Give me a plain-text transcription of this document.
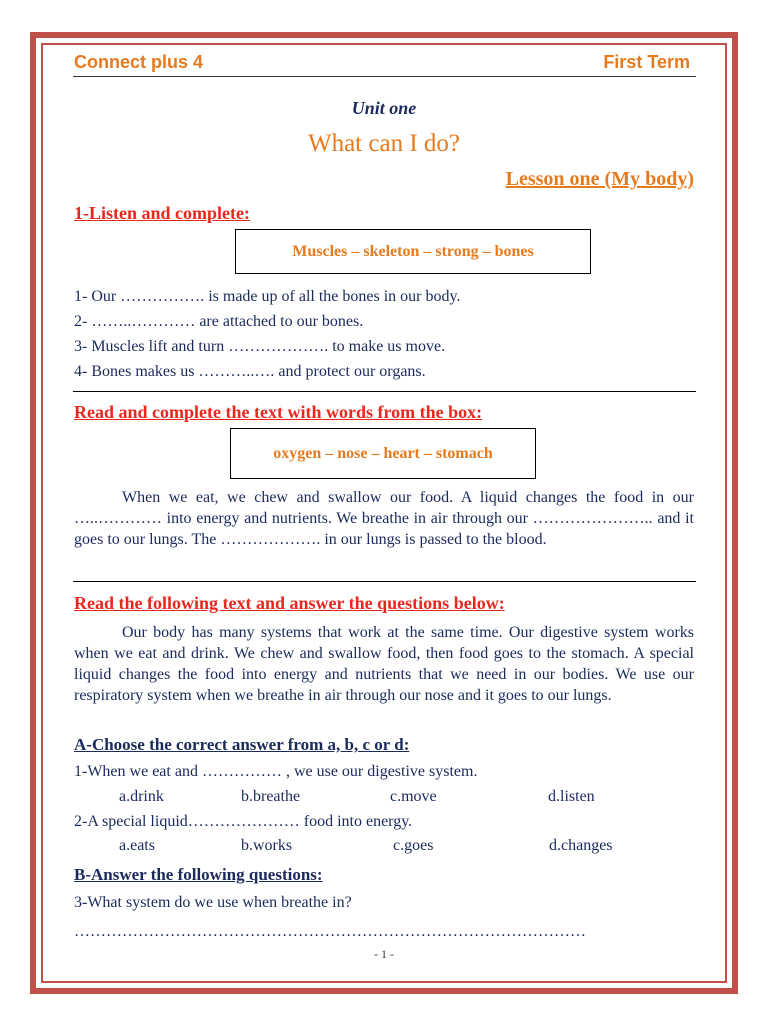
Connect plus 4	First Term
Unit one
What can I do?
Lesson one (My body)
1-Listen and complete:
Muscles – skeleton – strong – bones
1- Our ……………. is made up of all the bones in our body.
2- ……..………… are attached to our bones.
3- Muscles lift and turn ………………. to make us move.
4- Bones makes us ………..…. and protect our organs.
Read and complete the text with words from the box:
oxygen – nose – heart – stomach

When we eat, we chew and swallow our food. A liquid changes the food in our …..………… into energy and nutrients. We breathe in air through our ………………….. and it goes to our lungs. The ………………. in our lungs is passed to the blood.

Read the following text and answer the questions below:

Our body has many systems that work at the same time. Our digestive system works when we eat and drink. We chew and swallow food, then food goes to the stomach. A special liquid changes the food into energy and nutrients that we need in our bodies. We use our respiratory system when we breathe in air through our nose and it goes to our lungs.

A-Choose the correct answer from a, b, c or d:
1-When we eat and …………… , we use our digestive system.
a.drink	b.breathe	c.move	d.listen
2-A special liquid………………… food into energy.
a.eats	b.works	c.goes	d.changes
B-Answer the following questions:
3-What system do we use when breathe in?
……………………………………………………………………………………
- 1 -
